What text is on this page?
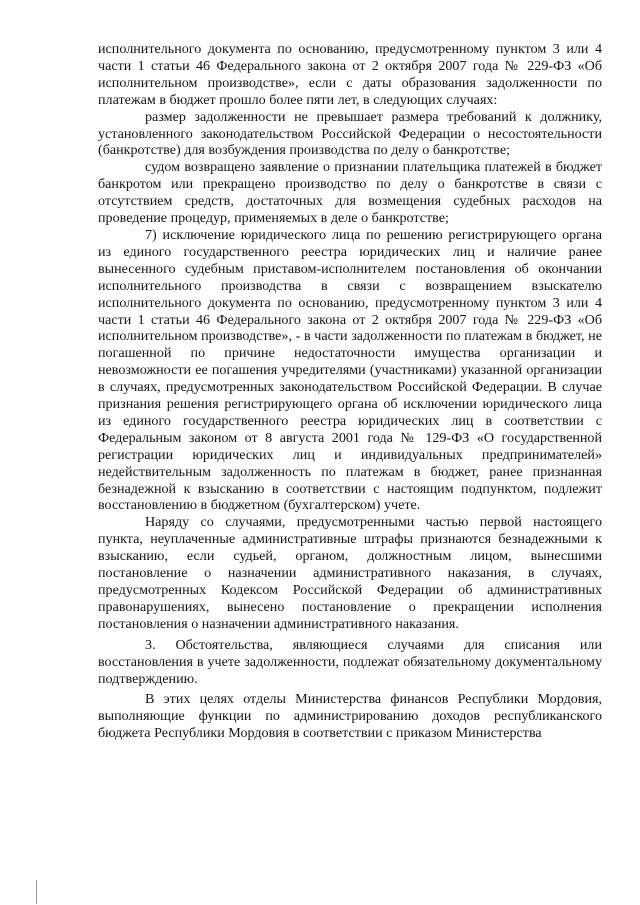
исполнительного документа по основанию, предусмотренному пунктом 3 или 4 части 1 статьи 46 Федерального закона от 2 октября 2007 года № 229-ФЗ «Об исполнительном производстве», если с даты образования задолженности по платежам в бюджет прошло более пяти лет, в следующих случаях:

размер задолженности не превышает размера требований к должнику, установленного законодательством Российской Федерации о несостоятельности (банкротстве) для возбуждения производства по делу о банкротстве;

судом возвращено заявление о признании плательщика платежей в бюджет банкротом или прекращено производство по делу о банкротстве в связи с отсутствием средств, достаточных для возмещения судебных расходов на проведение процедур, применяемых в деле о банкротстве;

7) исключение юридического лица по решению регистрирующего органа из единого государственного реестра юридических лиц и наличие ранее вынесенного судебным приставом-исполнителем постановления об окончании исполнительного производства в связи с возвращением взыскателю исполнительного документа по основанию, предусмотренному пунктом 3 или 4 части 1 статьи 46 Федерального закона от 2 октября 2007 года № 229-ФЗ «Об исполнительном производстве», - в части задолженности по платежам в бюджет, не погашенной по причине недостаточности имущества организации и невозможности ее погашения учредителями (участниками) указанной организации в случаях, предусмотренных законодательством Российской Федерации. В случае признания решения регистрирующего органа об исключении юридического лица из единого государственного реестра юридических лиц в соответствии с Федеральным законом от 8 августа 2001 года № 129-ФЗ «О государственной регистрации юридических лиц и индивидуальных предпринимателей» недействительным задолженность по платежам в бюджет, ранее признанная безнадежной к взысканию в соответствии с настоящим подпунктом, подлежит восстановлению в бюджетном (бухгалтерском) учете.

Наряду со случаями, предусмотренными частью первой настоящего пункта, неуплаченные административные штрафы признаются безнадежными к взысканию, если судьей, органом, должностным лицом, вынесшими постановление о назначении административного наказания, в случаях, предусмотренных Кодексом Российской Федерации об административных правонарушениях, вынесено постановление о прекращении исполнения постановления о назначении административного наказания.

3. Обстоятельства, являющиеся случаями для списания или восстановления в учете задолженности, подлежат обязательному документальному подтверждению.

В этих целях отделы Министерства финансов Республики Мордовия, выполняющие функции по администрированию доходов республиканского бюджета Республики Мордовия в соответствии с приказом Министерства
